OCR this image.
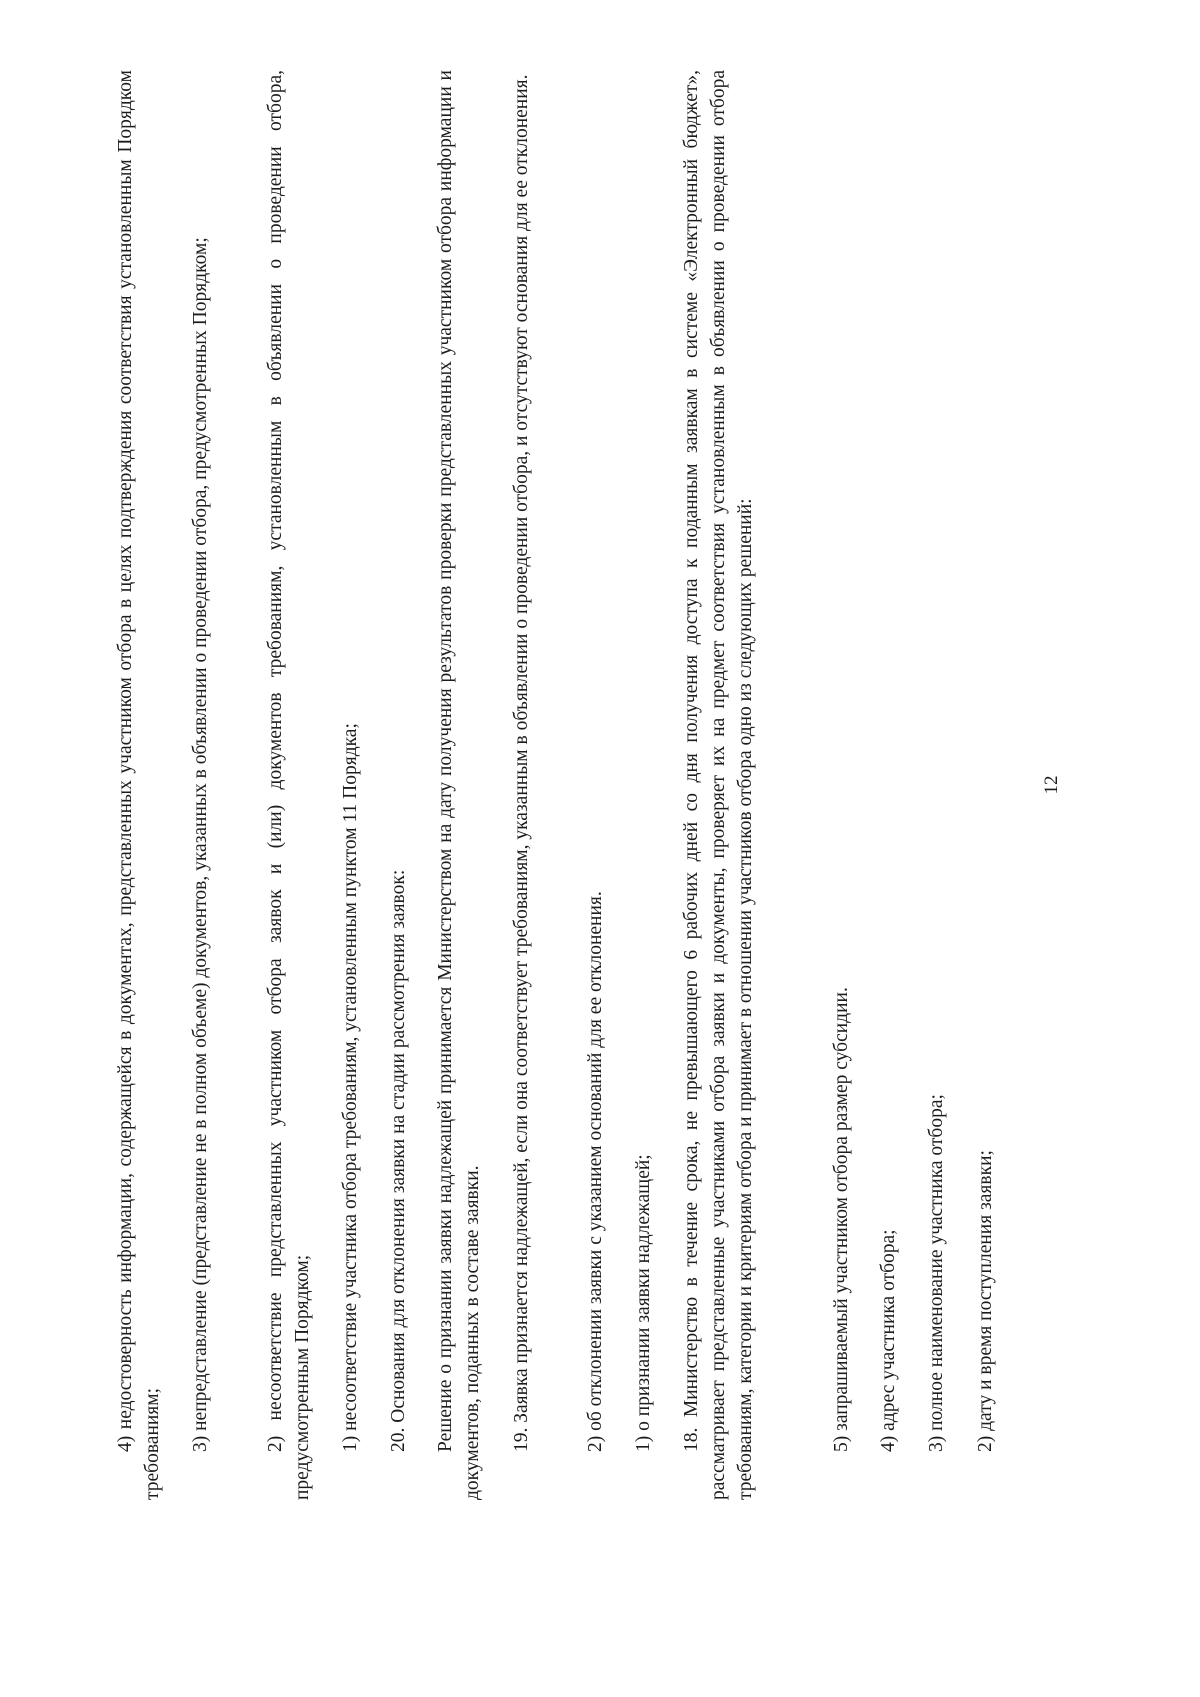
12

2) дату и время поступления заявки;

3) полное наименование участника отбора;

4) адрес участника отбора;

5) запрашиваемый участником отбора размер субсидии.

18. Министерство в течение срока, не превышающего 6 рабочих дней со дня получения доступа к поданным заявкам в системе «Электронный бюджет», рассматривает представленные участниками отбора заявки и документы, проверяет их на предмет соответствия установленным в объявлении о проведении отбора требованиям, категории и критериям отбора и принимает в отношении участников отбора одно из следующих решений:

1) о признании заявки надлежащей;

2) об отклонении заявки с указанием оснований для ее отклонения.

19. Заявка признается надлежащей, если она соответствует требованиям, указанным в объявлении о проведении отбора, и отсутствуют основания для ее отклонения.

Решение о признании заявки надлежащей принимается Министерством на дату получения результатов проверки представленных участником отбора информации и документов, поданных в составе заявки.

20. Основания для отклонения заявки на стадии рассмотрения заявок:

1) несоответствие участника отбора требованиям, установленным пунктом 11 Порядка;

2) несоответствие представленных участником отбора заявок и (или) документов требованиям, установленным в объявлении о проведении отбора, предусмотренным Порядком;

3) непредставление (представление не в полном объеме) документов, указанных в объявлении о проведении отбора, предусмотренных Порядком;

4) недостоверность информации, содержащейся в документах, представленных участником отбора в целях подтверждения соответствия установленным Порядком требованиям;
